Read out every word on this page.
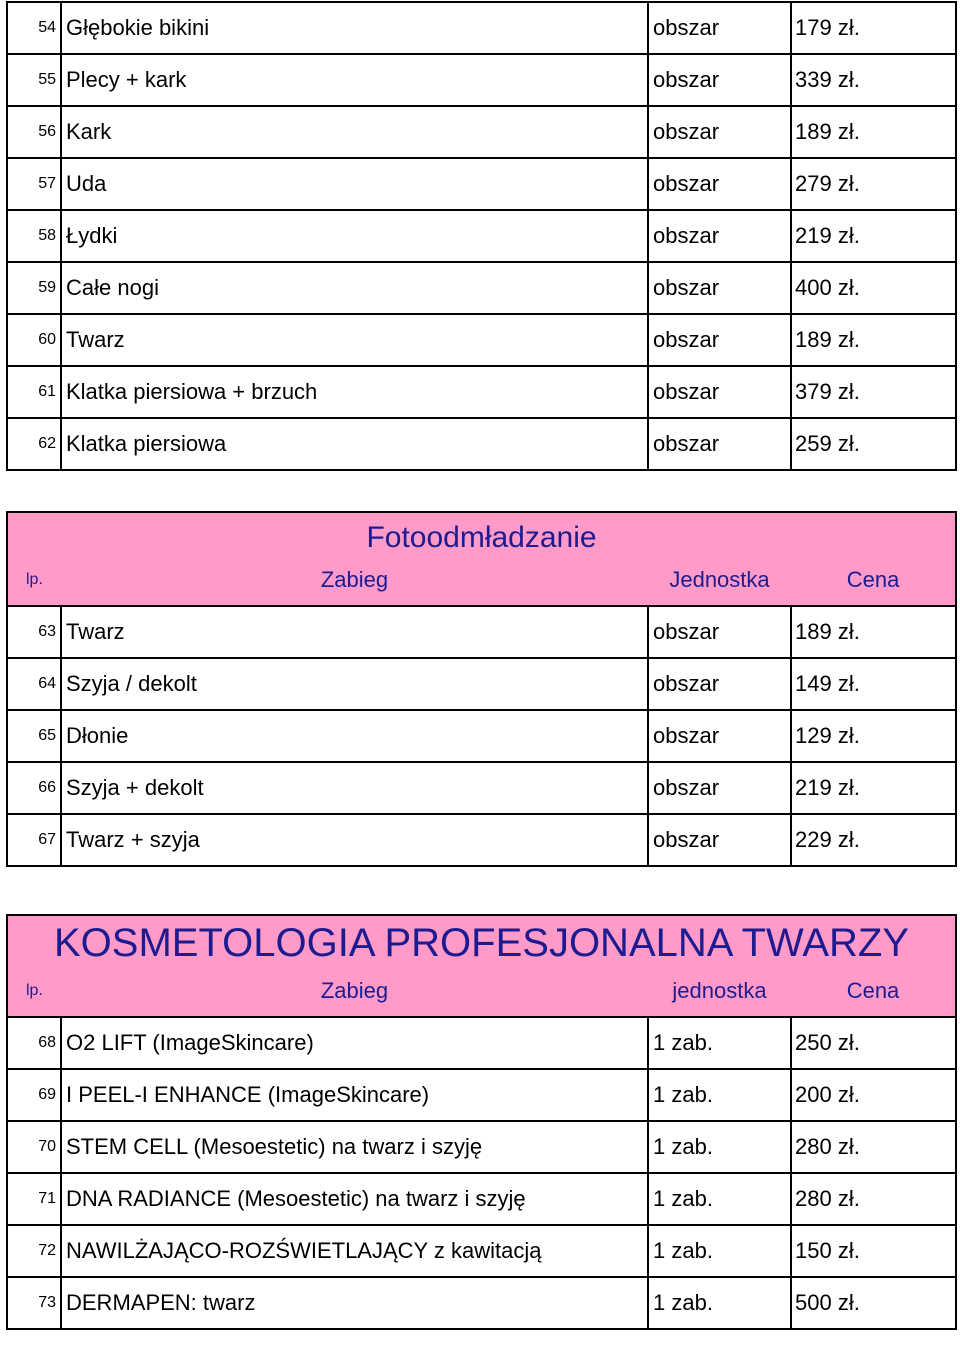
54	Głębokie bikini	obszar	179 zł.
55	Plecy + kark	obszar	339 zł.
56	Kark	obszar	189 zł.
57	Uda	obszar	279 zł.
58	Łydki	obszar	219 zł.
59	Całe nogi	obszar	400 zł.
60	Twarz	obszar	189 zł.
61	Klatka piersiowa + brzuch	obszar	379 zł.
62	Klatka piersiowa	obszar	259 zł.
Fotoodmładzanie			
lp.	Zabieg	Jednostka	Cena
63	Twarz	obszar	189 zł.
64	Szyja / dekolt	obszar	149 zł.
65	Dłonie	obszar	129 zł.
66	Szyja + dekolt	obszar	219 zł.
67	Twarz + szyja	obszar	229 zł.
KOSMETOLOGIA PROFESJONALNA TWARZY			
lp.	Zabieg	jednostka	Cena
68	O2 LIFT (ImageSkincare)	1 zab.	250 zł.
69	I PEEL-I ENHANCE (ImageSkincare)	1 zab.	200 zł.
70	STEM CELL (Mesoestetic) na twarz i szyję	1 zab.	280 zł.
71	DNA RADIANCE (Mesoestetic) na twarz i szyję	1 zab.	280 zł.
72	NAWILŻAJĄCO-ROZŚWIETLAJĄCY z kawitacją	1 zab.	150 zł.
73	DERMAPEN: twarz	1 zab.	500 zł.
